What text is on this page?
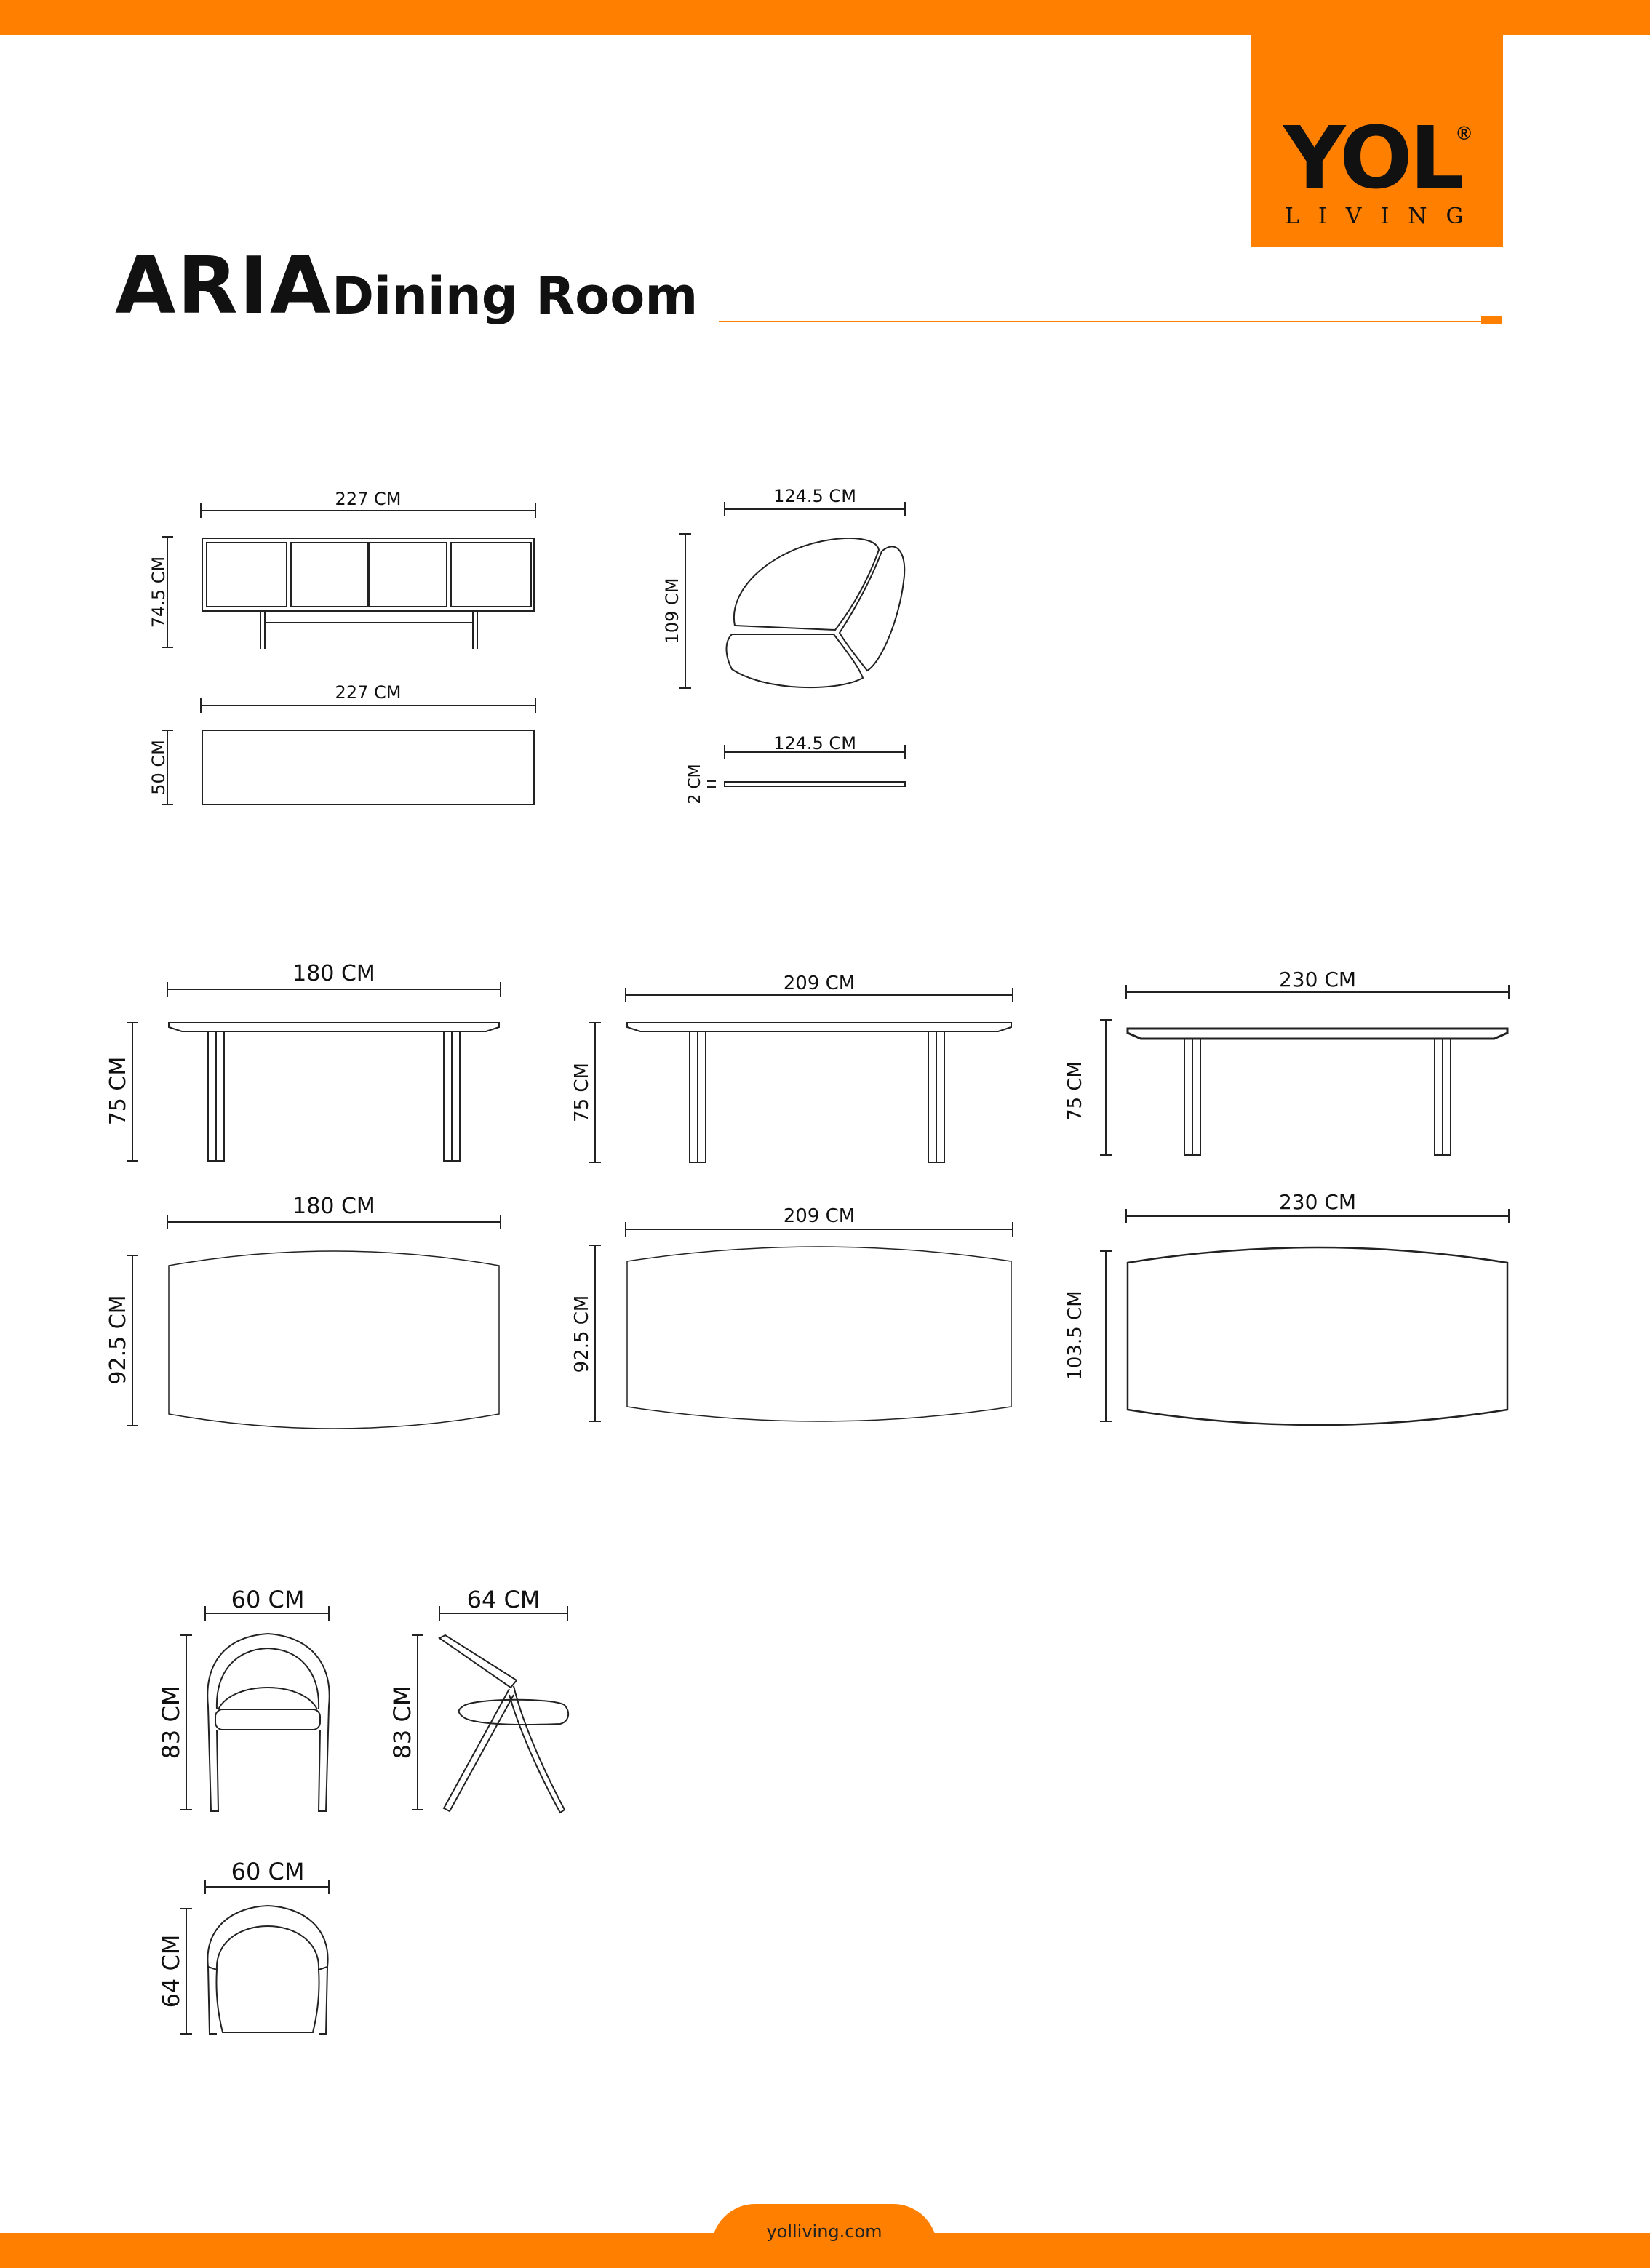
yolliving.com
YOL
®
LIVING
ARIA Dining Room
227 CM
74.5 CM
227 CM
50 CM
124.5 CM
109 CM
124.5 CM
2 CM
180 CM
75 CM
209 CM
75 CM
230 CM
75 CM
180 CM
92.5 CM
209 CM
92.5 CM
230 CM
103.5 CM
60 CM
83 CM
64 CM
83 CM
60 CM
64 CM
